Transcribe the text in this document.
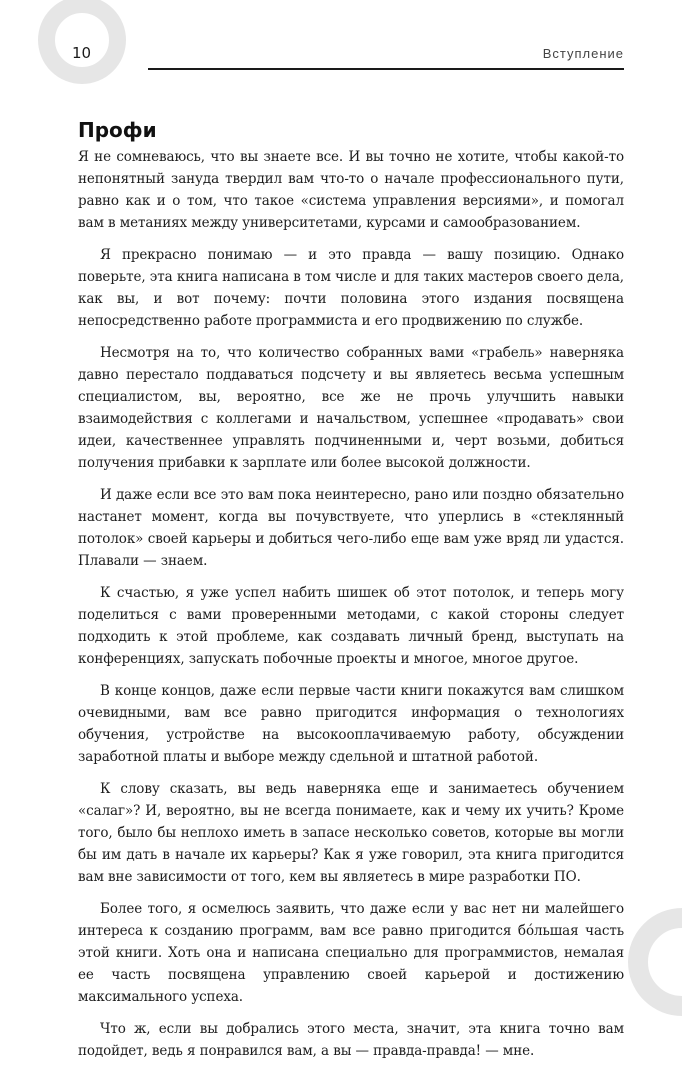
10	Вступление
Профи

Я не сомневаюсь, что вы знаете все. И вы точно не хотите, чтобы какой-то непонятный зануда твердил вам что-то о начале профессионального пути, равно как и о том, что такое «система управления версиями», и помогал вам в метаниях между университетами, курсами и самообразованием.

Я прекрасно понимаю — и это правда — вашу позицию. Однако поверьте, эта книга написана в том числе и для таких мастеров своего дела, как вы, и вот почему: почти половина этого издания посвящена непосредственно работе программиста и его продвижению по службе.

Несмотря на то, что количество собранных вами «грабель» наверняка давно перестало поддаваться подсчету и вы являетесь весьма успешным специалистом, вы, вероятно, все же не прочь улучшить навыки взаимодействия с коллегами и начальством, успешнее «продавать» свои идеи, качественнее управлять подчиненными и, черт возьми, добиться получения прибавки к зарплате или более высокой должности.

И даже если все это вам пока неинтересно, рано или поздно обязательно настанет момент, когда вы почувствуете, что уперлись в «стеклянный потолок» своей карьеры и добиться чего-либо еще вам уже вряд ли удастся. Плавали — знаем.

К счастью, я уже успел набить шишек об этот потолок, и теперь могу поделиться с вами проверенными методами, с какой стороны следует подходить к этой проблеме, как создавать личный бренд, выступать на конференциях, запускать побочные проекты и многое, многое другое.

В конце концов, даже если первые части книги покажутся вам слишком очевидными, вам все равно пригодится информация о технологиях обучения, устройстве на высокооплачиваемую работу, обсуждении заработной платы и выборе между сдельной и штатной работой.

К слову сказать, вы ведь наверняка еще и занимаетесь обучением «салаг»? И, вероятно, вы не всегда понимаете, как и чему их учить? Кроме того, было бы неплохо иметь в запасе несколько советов, которые вы могли бы им дать в начале их карьеры? Как я уже говорил, эта книга пригодится вам вне зависимости от того, кем вы являетесь в мире разработки ПО.

Более того, я осмелюсь заявить, что даже если у вас нет ни малейшего интереса к созданию программ, вам все равно пригодится бóльшая часть этой книги. Хоть она и написана специально для программистов, немалая ее часть посвящена управлению своей карьерой и достижению максимального успеха.

Что ж, если вы добрались этого места, значит, эта книга точно вам подойдет, ведь я понравился вам, а вы — правда-правда! — мне.
